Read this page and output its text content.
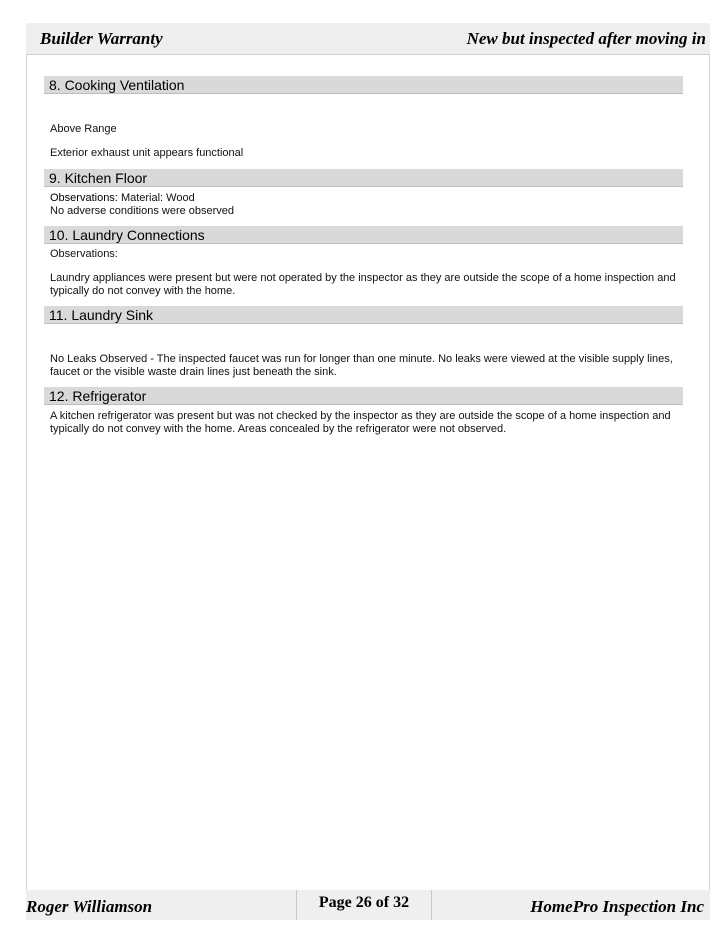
Builder Warranty	New but inspected after moving in
8. Cooking Ventilation
Above Range
Exterior exhaust unit appears functional
9. Kitchen Floor
Observations: Material: Wood
No adverse conditions were observed
10. Laundry Connections
Observations:
Laundry appliances were present but were not operated by the inspector as they are outside the scope of a home inspection and typically do not convey with the home.
11. Laundry Sink
No Leaks Observed - The inspected faucet was run for longer than one minute. No leaks were viewed at the visible supply lines, faucet or the visible waste drain lines just beneath the sink.
12. Refrigerator
A kitchen refrigerator was present but was not checked by the inspector as they are outside the scope of a home inspection and typically do not convey with the home. Areas concealed by the refrigerator were not observed.
Roger Williamson	Page 26 of 32	HomePro Inspection Inc
